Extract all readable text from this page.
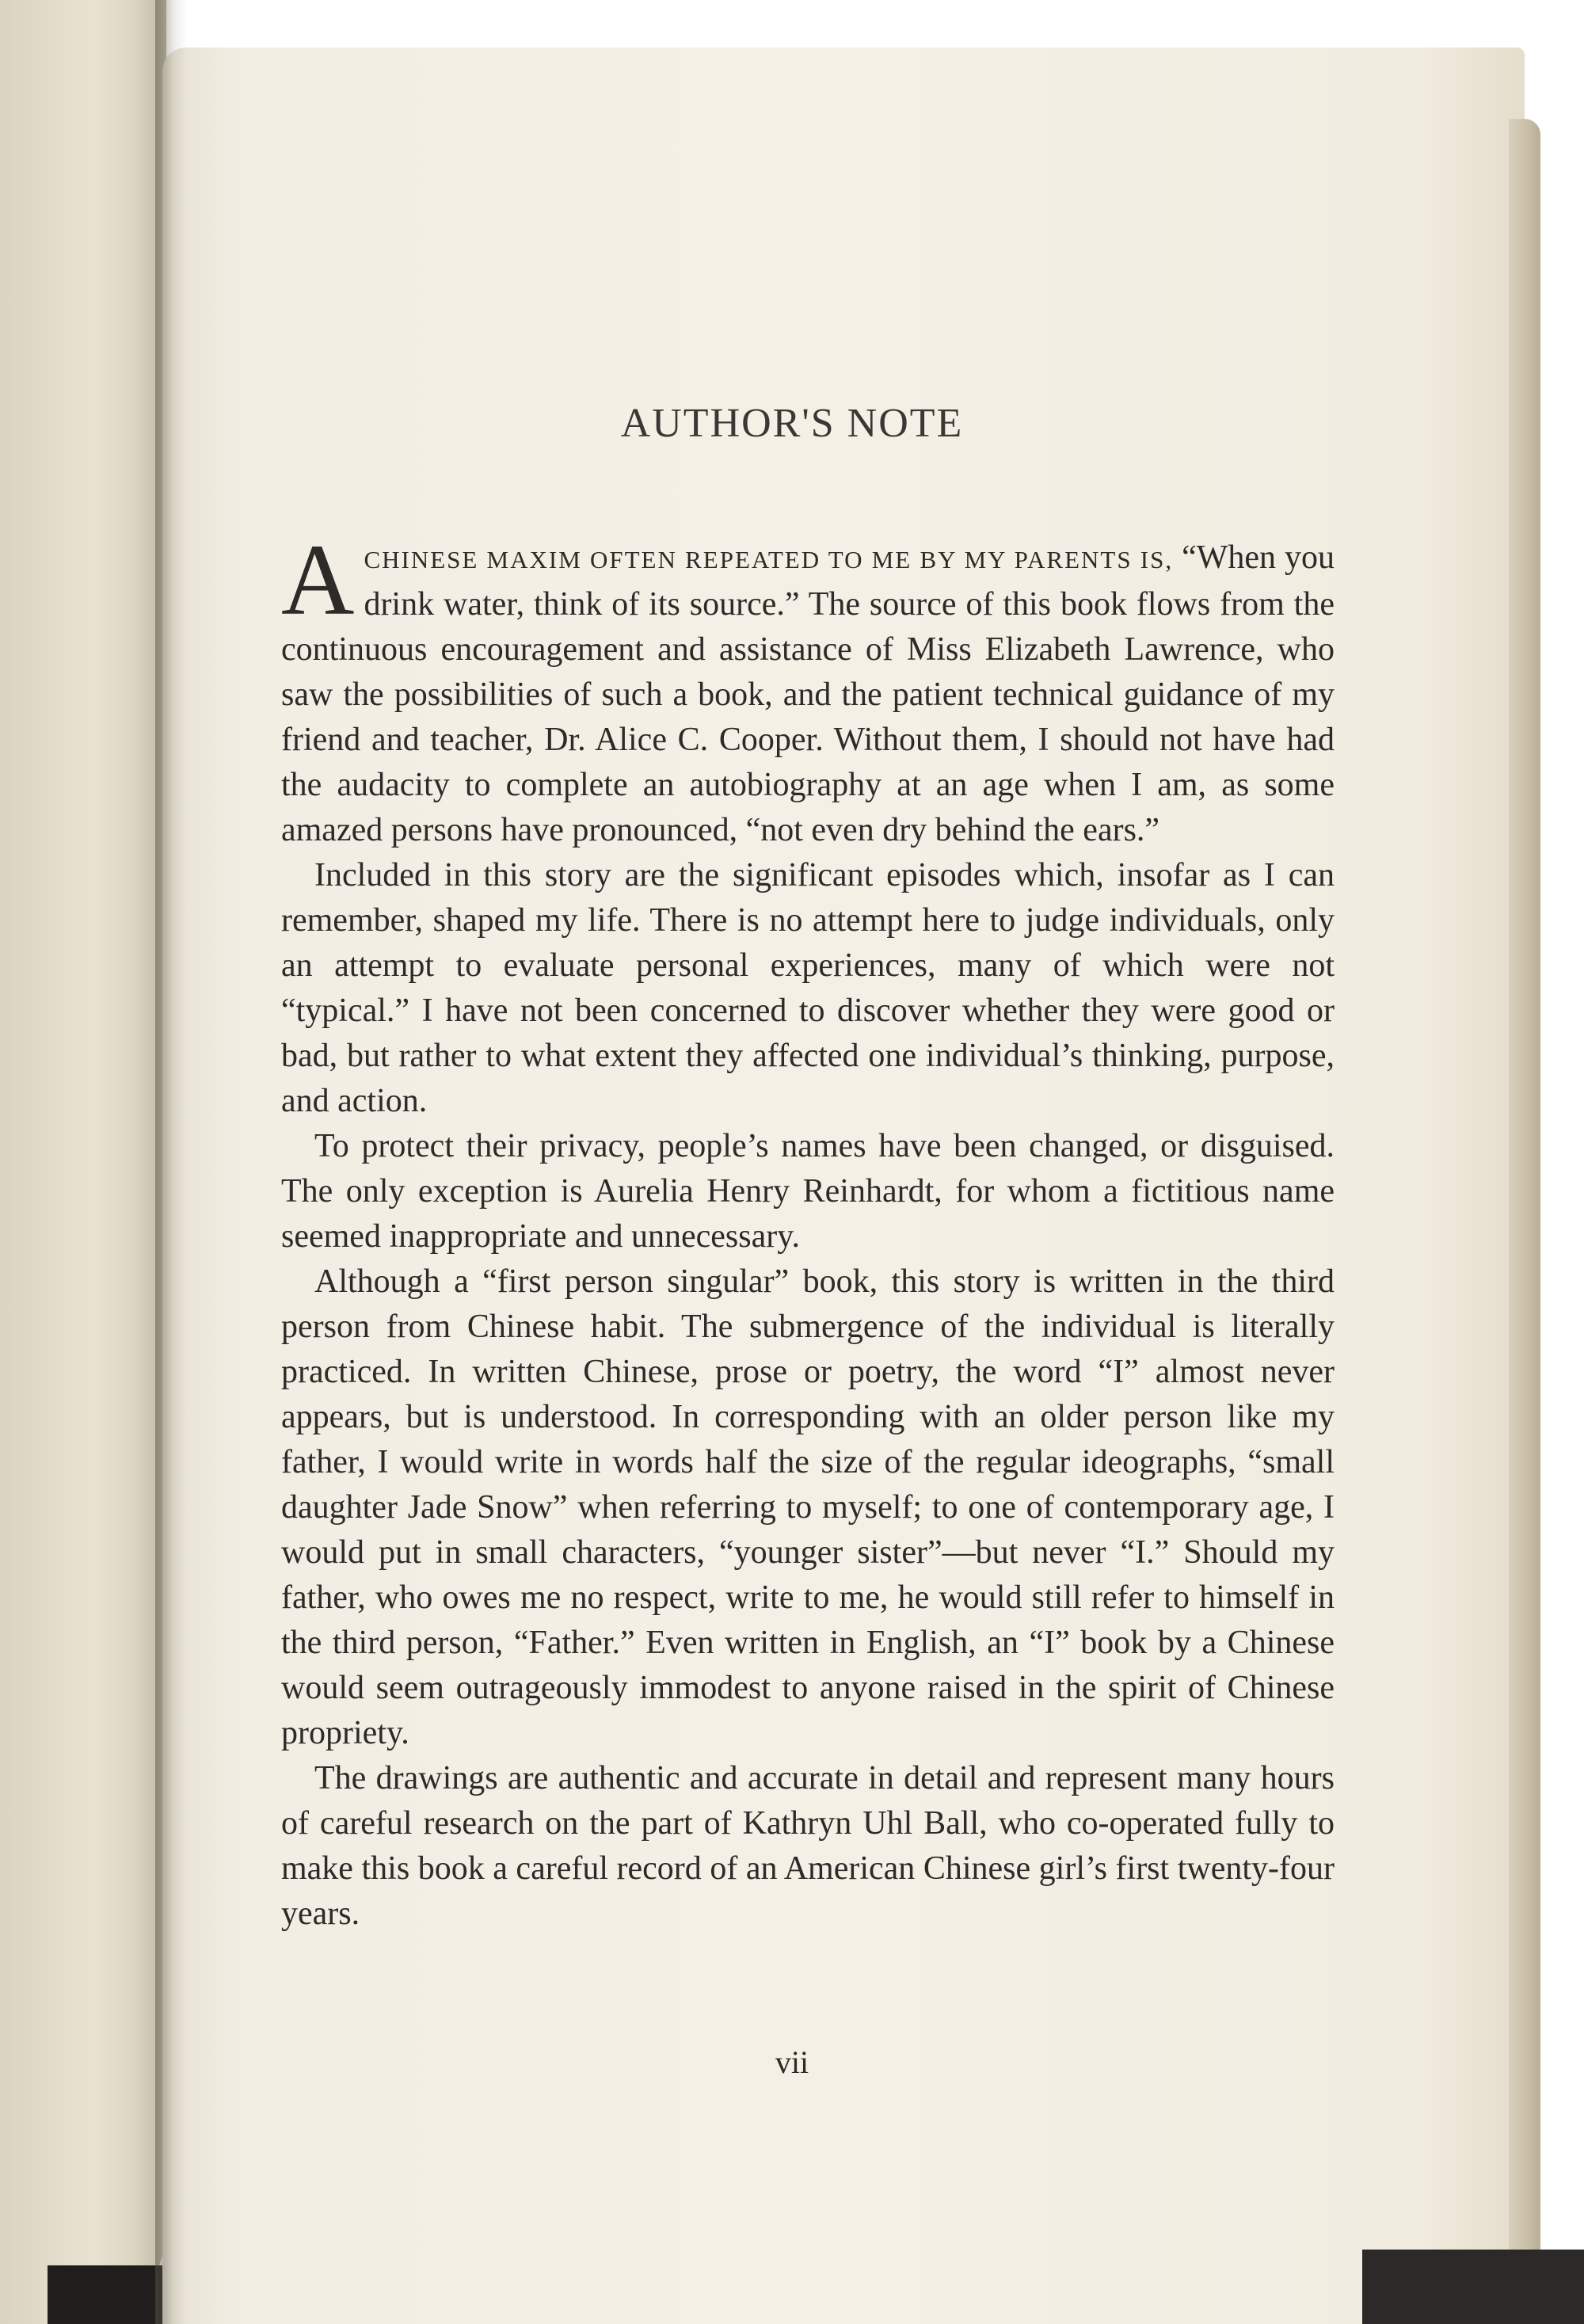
AUTHOR'S NOTE

ACHINESE MAXIM OFTEN REPEATED TO ME BY MY PARENTS IS, “When you drink water, think of its source.” The source of this book flows from the continuous encouragement and assistance of Miss Elizabeth Lawrence, who saw the possibilities of such a book, and the patient technical guidance of my friend and teacher, Dr. Alice C. Cooper. Without them, I should not have had the audacity to complete an autobiography at an age when I am, as some amazed persons have pronounced, “not even dry behind the ears.”

Included in this story are the significant episodes which, insofar as I can remember, shaped my life. There is no attempt here to judge individuals, only an attempt to evaluate personal experiences, many of which were not “typical.” I have not been concerned to discover whether they were good or bad, but rather to what extent they affected one individual’s thinking, purpose, and action.

To protect their privacy, people’s names have been changed, or disguised. The only exception is Aurelia Henry Reinhardt, for whom a fictitious name seemed inappropriate and unnecessary.

Although a “first person singular” book, this story is written in the third person from Chinese habit. The submergence of the individual is literally practiced. In written Chinese, prose or poetry, the word “I” almost never appears, but is understood. In corresponding with an older person like my father, I would write in words half the size of the regular ideographs, “small daughter Jade Snow” when referring to myself; to one of contemporary age, I would put in small characters, “younger sister”—but never “I.” Should my father, who owes me no respect, write to me, he would still refer to himself in the third person, “Father.” Even written in English, an “I” book by a Chinese would seem outrageously immodest to anyone raised in the spirit of Chinese propriety.

The drawings are authentic and accurate in detail and represent many hours of careful research on the part of Kathryn Uhl Ball, who co-operated fully to make this book a careful record of an American Chinese girl’s first twenty-four years.

vii
